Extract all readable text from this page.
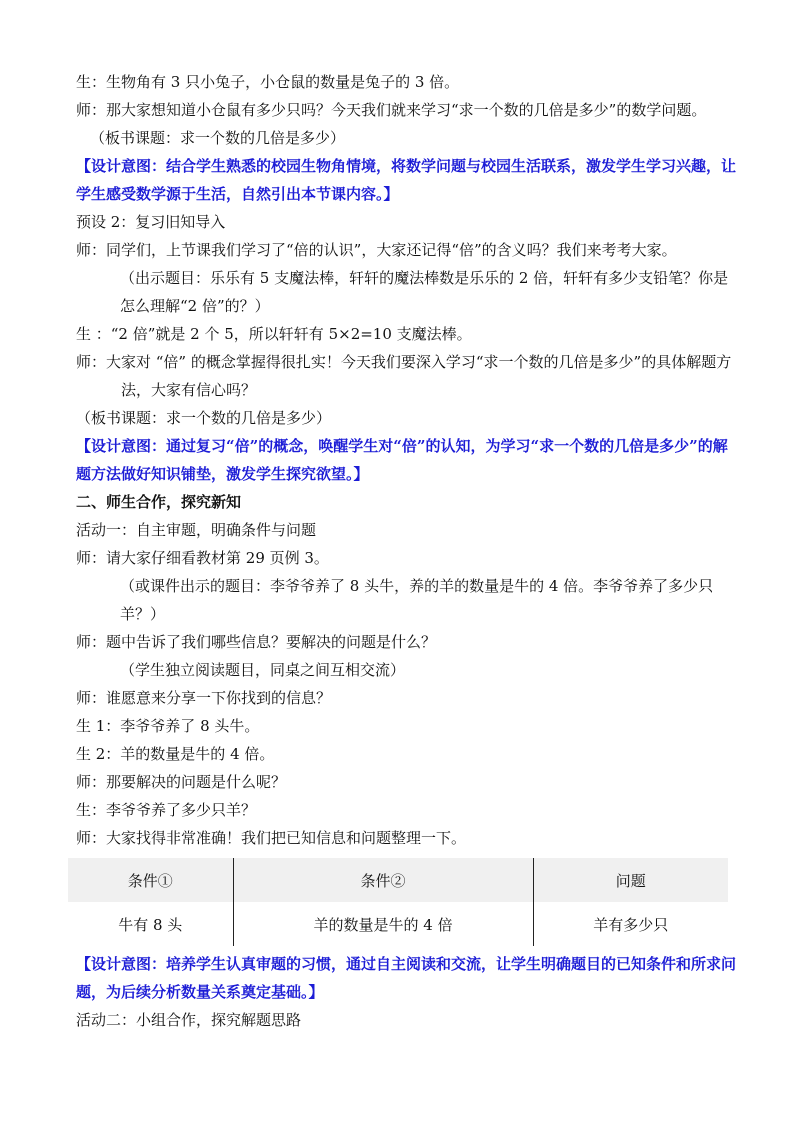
生：生物角有 3 只小兔子，小仓鼠的数量是兔子的 3 倍。

师：那大家想知道小仓鼠有多少只吗？今天我们就来学习“求一个数的几倍是多少”的数学问题。

（板书课题：求一个数的几倍是多少）

【设计意图：结合学生熟悉的校园生物角情境，将数学问题与校园生活联系，激发学生学习兴趣，让学生感受数学源于生活，自然引出本节课内容。】

预设 2：复习旧知导入

师：同学们，上节课我们学习了“倍的认识”，大家还记得“倍”的含义吗？我们来考考大家。

（出示题目：乐乐有 5 支魔法棒，轩轩的魔法棒数是乐乐的 2 倍，轩轩有多少支铅笔？你是怎么理解“2 倍”的？）

生 ：“2 倍”就是 2 个 5，所以轩轩有 5×2=10 支魔法棒。

师：大家对 “倍” 的概念掌握得很扎实！今天我们要深入学习“求一个数的几倍是多少”的具体解题方法，大家有信心吗？

（板书课题：求一个数的几倍是多少）

【设计意图：通过复习“倍”的概念，唤醒学生对“倍”的认知，为学习“求一个数的几倍是多少”的解题方法做好知识铺垫，激发学生探究欲望。】

二、师生合作，探究新知

活动一：自主审题，明确条件与问题

师：请大家仔细看教材第 29 页例 3。

（或课件出示的题目：李爷爷养了 8 头牛，养的羊的数量是牛的 4 倍。李爷爷养了多少只羊？）

师：题中告诉了我们哪些信息？要解决的问题是什么？

（学生独立阅读题目，同桌之间互相交流）

师：谁愿意来分享一下你找到的信息？

生 1：李爷爷养了 8 头牛。

生 2：羊的数量是牛的 4 倍。

师：那要解决的问题是什么呢？

生：李爷爷养了多少只羊？

师：大家找得非常准确！我们把已知信息和问题整理一下。

条件①	条件②	问题
牛有 8 头	羊的数量是牛的 4 倍	羊有多少只

【设计意图：培养学生认真审题的习惯，通过自主阅读和交流，让学生明确题目的已知条件和所求问题，为后续分析数量关系奠定基础。】

活动二：小组合作，探究解题思路
